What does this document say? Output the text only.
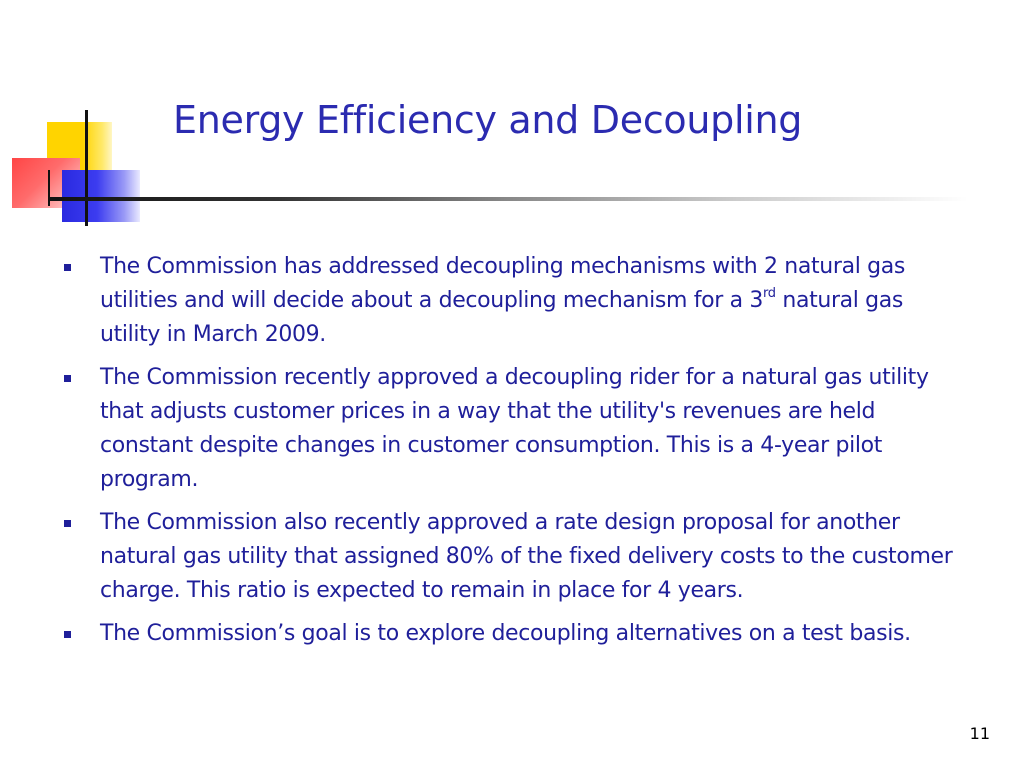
Energy Efficiency and Decoupling
The Commission has addressed decoupling mechanisms with 2 natural gas utilities and will decide about a decoupling mechanism for a 3rd natural gas utility in March 2009.
The Commission recently approved a decoupling rider for a natural gas utility that adjusts customer prices in a way that the utility's revenues are held constant despite changes in customer consumption. This is a 4-year pilot program.
The Commission also recently approved a rate design proposal for another natural gas utility that assigned 80% of the fixed delivery costs to the customer charge. This ratio is expected to remain in place for 4 years.
The Commission’s goal is to explore decoupling alternatives on a test basis.
11
